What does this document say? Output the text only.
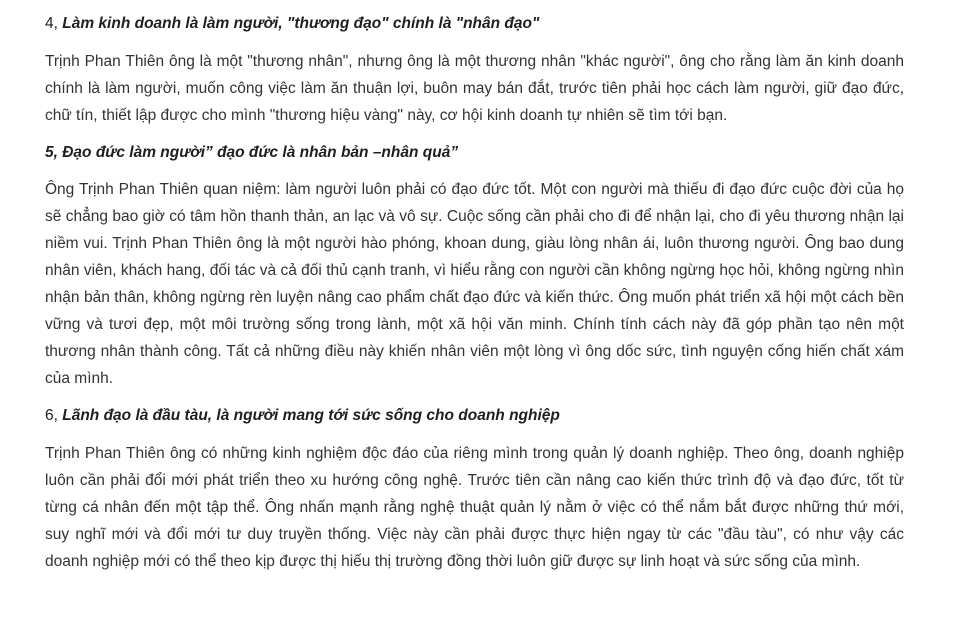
4, Làm kinh doanh là làm người, "thương đạo" chính là "nhân đạo"

Trịnh Phan Thiên ông là một "thương nhân", nhưng ông là một thương nhân "khác người", ông cho rằng làm ăn kinh doanh chính là làm người, muốn công việc làm ăn thuận lợi, buôn may bán đắt, trước tiên phải học cách làm người, giữ đạo đức, chữ tín, thiết lập được cho mình "thương hiệu vàng" này, cơ hội kinh doanh tự nhiên sẽ tìm tới bạn.

5, Đạo đức làm người” đạo đức là nhân bản –nhân quả”

Ông Trịnh Phan Thiên quan niệm: làm người luôn phải có đạo đức tốt. Một con người mà thiếu đi đạo đức cuộc đời của họ sẽ chẳng bao giờ có tâm hồn thanh thản, an lạc và vô sự. Cuộc sống cần phải cho đi để nhận lại, cho đi yêu thương nhận lại niềm vui. Trịnh Phan Thiên ông là một người hào phóng, khoan dung, giàu lòng nhân ái, luôn thương người. Ông bao dung nhân viên, khách hang, đối tác và cả đối thủ cạnh tranh, vì hiểu rằng con người cần không ngừng học hỏi, không ngừng nhìn nhận bản thân, không ngừng rèn luyện nâng cao phẩm chất đạo đức và kiến thức. Ông muốn phát triển xã hội một cách bền vững và tươi đẹp, một môi trường sống trong lành, một xã hội văn minh. Chính tính cách này đã góp phần tạo nên một thương nhân thành công. Tất cả những điều này khiến nhân viên một lòng vì ông dốc sức, tình nguyện cống hiến chất xám của mình.

6, Lãnh đạo là đầu tàu, là người mang tới sức sống cho doanh nghiệp

Trịnh Phan Thiên ông có những kinh nghiệm độc đáo của riêng mình trong quản lý doanh nghiệp. Theo ông, doanh nghiệp luôn cần phải đổi mới phát triển theo xu hướng công nghệ. Trước tiên cần nâng cao kiến thức trình độ và đạo đức, tốt từ từng cá nhân đến một tập thể. Ông nhấn mạnh rằng nghệ thuật quản lý nằm ở việc có thể nắm bắt được những thứ mới, suy nghĩ mới và đổi mới tư duy truyền thống. Việc này cần phải được thực hiện ngay từ các "đầu tàu", có như vậy các doanh nghiệp mới có thể theo kịp được thị hiếu thị trường đồng thời luôn giữ được sự linh hoạt và sức sống của mình.
